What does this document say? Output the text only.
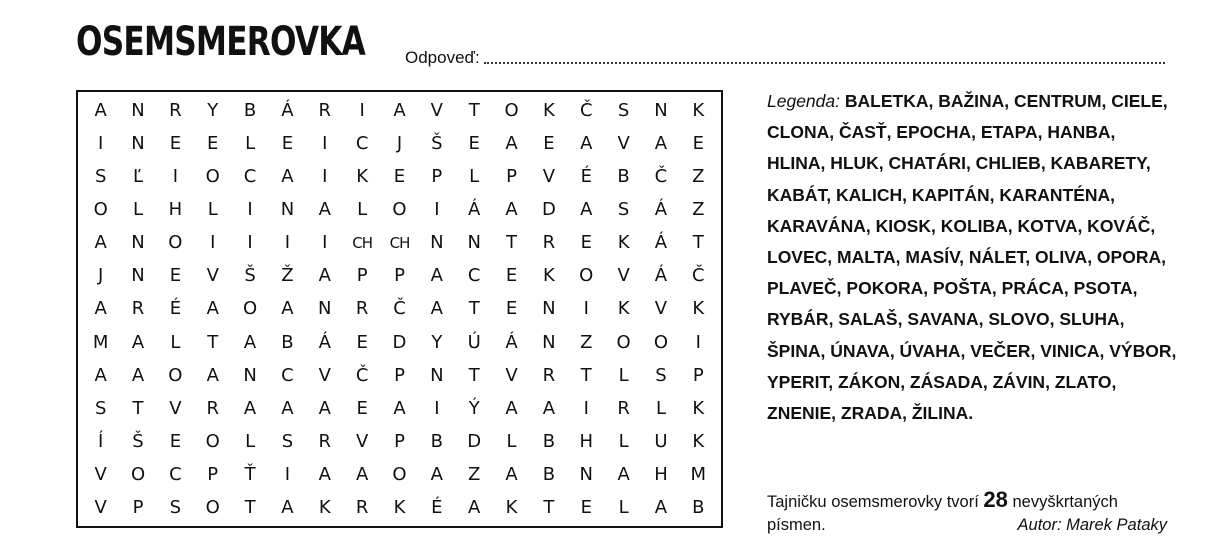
OSEMSMEROVKA Odpoveď:
A	N	R	Y	B	Á	R	I	A	V	T	O	K	Č	S	N	K
I	N	E	E	L	E	I	C	J	Š	E	A	E	A	V	A	E
S	Ľ	I	O	C	A	I	K	E	P	L	P	V	É	B	Č	Z
O	L	H	L	I	N	A	L	O	I	Á	A	D	A	S	Á	Z
A	N	O	I	I	I	I	CH	CH	N	N	T	R	E	K	Á	T
J	N	E	V	Š	Ž	A	P	P	A	C	E	K	O	V	Á	Č
A	R	É	A	O	A	N	R	Č	A	T	E	N	I	K	V	K
M	A	L	T	A	B	Á	E	D	Y	Ú	Á	N	Z	O	O	I
A	A	O	A	N	C	V	Č	P	N	T	V	R	T	L	S	P
S	T	V	R	A	A	A	E	A	I	Ý	A	A	I	R	L	K
Í	Š	E	O	L	S	R	V	P	B	D	L	B	H	L	U	K
V	O	C	P	Ť	I	A	A	O	A	Z	A	B	N	A	H	M
V	P	S	O	T	A	K	R	K	É	A	K	T	E	L	A	B
Legenda: BALETKA, BAŽINA, CENTRUM, CIELE, CLONA, ČASŤ, EPOCHA, ETAPA, HANBA, HLINA, HLUK, CHATÁRI, CHLIEB, KABARETY, KABÁT, KALICH, KAPITÁN, KARANTÉNA, KARAVÁNA, KIOSK, KOLIBA, KOTVA, KOVÁČ, LOVEC, MALTA, MASÍV, NÁLET, OLIVA, OPORA, PLAVEČ, POKORA, POŠTA, PRÁCA, PSOTA, RYBÁR, SALAŠ, SAVANA, SLOVO, SLUHA, ŠPINA, ÚNAVA, ÚVAHA, VEČER, VINICA, VÝBOR, YPERIT, ZÁKON, ZÁSADA, ZÁVIN, ZLATO, ZNENIE, ZRADA, ŽILINA.
Tajničku osemsmerovky tvorí 28 nevyškrtaných písmen.	Autor: Marek Pataky
